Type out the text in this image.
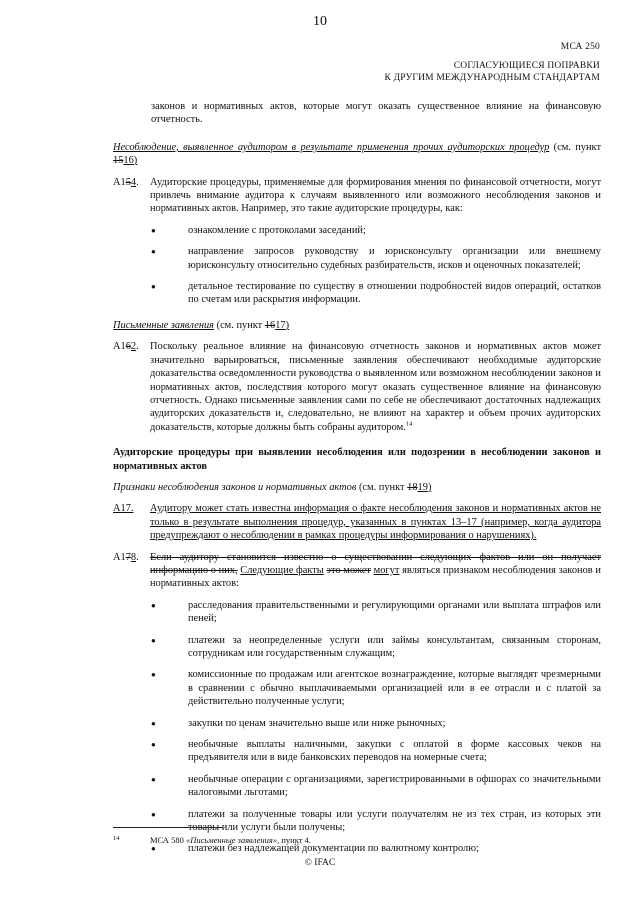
10
МСА 250
СОГЛАСУЮЩИЕСЯ ПОПРАВКИ
К ДРУГИМ МЕЖДУНАРОДНЫМ СТАНДАРТАМ

законов и нормативных актов, которые могут оказать существенное влияние на финансовую отчетность.

Несоблюдение, выявленное аудитором в результате применения прочих аудиторских процедур (см. пункт 1516)

A154.	Аудиторские процедуры, применяемые для формирования мнения по финансовой отчетности, могут привлечь внимание аудитора к случаям выявленного или возможного несоблюдения законов и нормативных актов. Например, это такие аудиторские процедуры, как:
●	ознакомление с протоколами заседаний;
●	направление запросов руководству и юрисконсульту организации или внешнему юрисконсульту относительно судебных разбирательств, исков и оценочных показателей;
●	детальное тестирование по существу в отношении подробностей видов операций, остатков по счетам или раскрытия информации.

Письменные заявления (см. пункт 1617)

A162.	Поскольку реальное влияние на финансовую отчетность законов и нормативных актов может значительно варьироваться, письменные заявления обеспечивают необходимые аудиторские доказательства осведомленности руководства о выявленном или возможном несоблюдении законов и нормативных актов, последствия которого могут оказать существенное влияние на финансовую отчетность. Однако письменные заявления сами по себе не обеспечивают достаточных надлежащих аудиторских доказательств и, следовательно, не влияют на характер и объем прочих аудиторских доказательств, которые должны быть собраны аудитором.$^{14}$

Аудиторские процедуры при выявлении несоблюдения или подозрении в несоблюдении законов и нормативных актов

Признаки несоблюдения законов и нормативных актов (см. пункт 1819)

A17.	Аудитору может стать известна информация о факте несоблюдения законов и нормативных актов не только в результате выполнения процедур, указанных в пунктах 13–17 (например, когда аудитора предупреждают о несоблюдении в рамках процедуры информирования о нарушениях).
A178.	Если аудитору становится известно о существовании следующих фактов или он получает информацию о них, Следующие факты это может могут являться признаком несоблюдения законов и нормативных актов:
●	расследования правительственными и регулирующими органами или выплата штрафов или пеней;
●	платежи за неопределенные услуги или займы консультантам, связанным сторонам, сотрудникам или государственным служащим;
●	комиссионные по продажам или агентское вознаграждение, которые выглядят чрезмерными в сравнении с обычно выплачиваемыми организацией или в ее отрасли и с платой за действительно полученные услуги;
●	закупки по ценам значительно выше или ниже рыночных;
●	необычные выплаты наличными, закупки с оплатой в форме кассовых чеков на предъявителя или в виде банковских переводов на номерные счета;
●	необычные операции с организациями, зарегистрированными в офшорах со значительными налоговыми льготами;
●	платежи за полученные товары или услуги получателям не из тех стран, из которых эти товары или услуги были получены;
●	платежи без надлежащей документации по валютному контролю;
14	МСА 580 «Письменные заявления», пункт 4.
© IFAC
